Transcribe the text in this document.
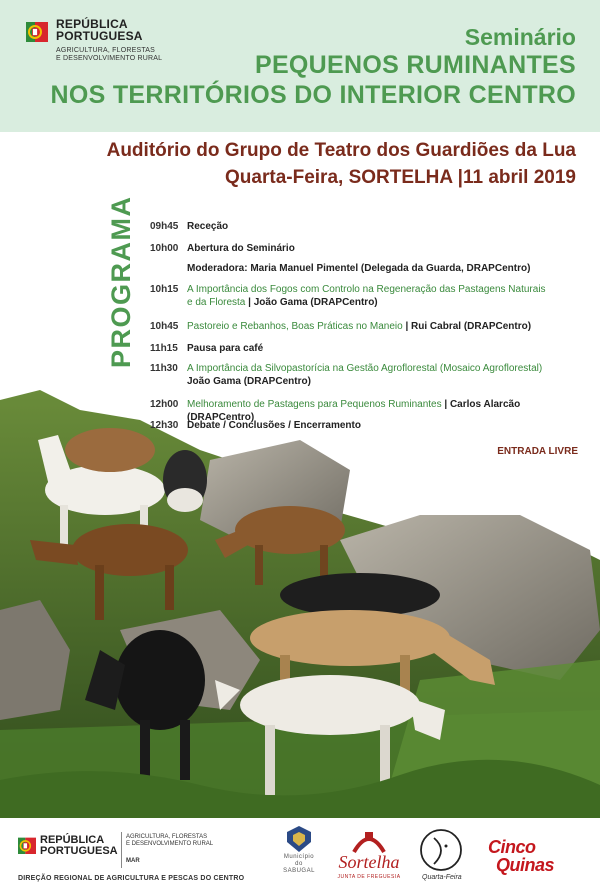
REPÚBLICA
PORTUGUESA
AGRICULTURA, FLORESTAS
E DESENVOLVIMENTO RURAL
Seminário
PEQUENOS RUMINANTES
NOS TERRITÓRIOS DO INTERIOR CENTRO
Auditório do Grupo de Teatro dos Guardiões da Lua
Quarta-Feira, SORTELHA |11 abril 2019
PROGRAMA 09h45 Receção
10h00 Abertura do Seminário
Moderadora: Maria Manuel Pimentel (Delegada da Guarda, DRAPCentro)
10h15 A Importância dos Fogos com Controlo na Regeneração das Pastagens Naturais
e da Floresta | João Gama (DRAPCentro)
10h45 Pastoreio e Rebanhos, Boas Práticas no Maneio | Rui Cabral (DRAPCentro)
11h15 Pausa para café
11h30 A Importância da Silvopastorícia na Gestão Agroflorestal (Mosaico Agroflorestal)
João Gama (DRAPCentro)
12h00 Melhoramento de Pastagens para Pequenos Ruminantes | Carlos Alarcão (DRAPCentro)
12h30 Debate / Conclusões / Encerramento
ENTRADA LIVRE
REPÚBLICA
PORTUGUESA
AGRICULTURA, FLORESTAS
E DESENVOLVIMENTO RURAL
MAR
DIREÇÃO REGIONAL DE AGRICULTURA E PESCAS DO CENTRO
Município
do
SABUGAL	Sortelha
JUNTA DE FREGUESIA	Quarta-Feira
Cinco
Quinas
